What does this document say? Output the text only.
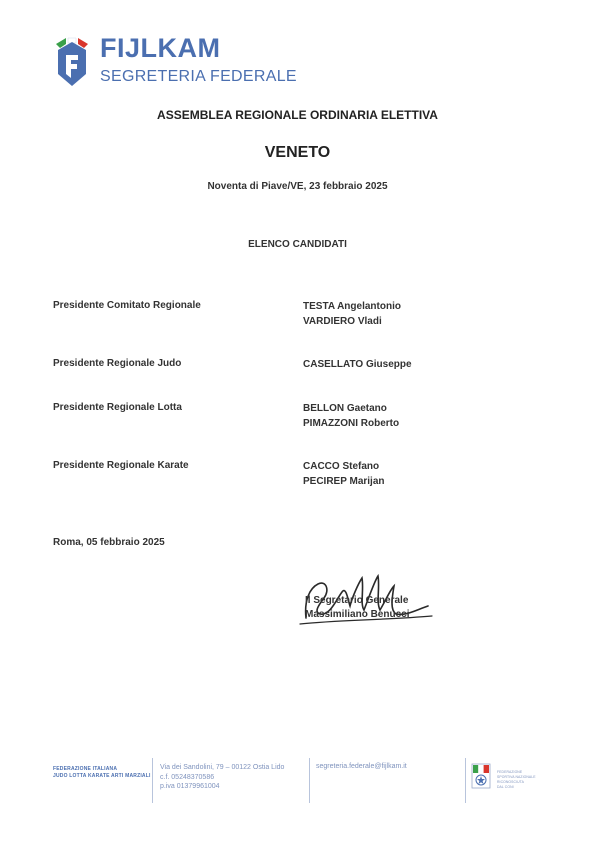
FIJLKAM
SEGRETERIA FEDERALE
ASSEMBLEA REGIONALE ORDINARIA ELETTIVA
VENETO
Noventa di Piave/VE, 23 febbraio 2025
ELENCO CANDIDATI
Presidente Comitato Regionale	TESTA Angelantonio
VARDIERO Vladi
Presidente Regionale Judo	CASELLATO Giuseppe
Presidente Regionale Lotta	BELLON Gaetano
PIMAZZONI Roberto
Presidente Regionale Karate	CACCO Stefano
PECIREP Marijan
Roma, 05 febbraio 2025
Il Segretario Generale
Massimiliano Benucci
FEDERAZIONE ITALIANA
JUDO LOTTA KARATE ARTI MARZIALI
Via dei Sandolini, 79 – 00122 Ostia Lido
c.f. 05248370586
p.iva 01379961004
segreteria.federale@fijlkam.it
FEDERAZIONE
SPORTIVA NAZIONALE
RICONOSCIUTA
DAL CONI
